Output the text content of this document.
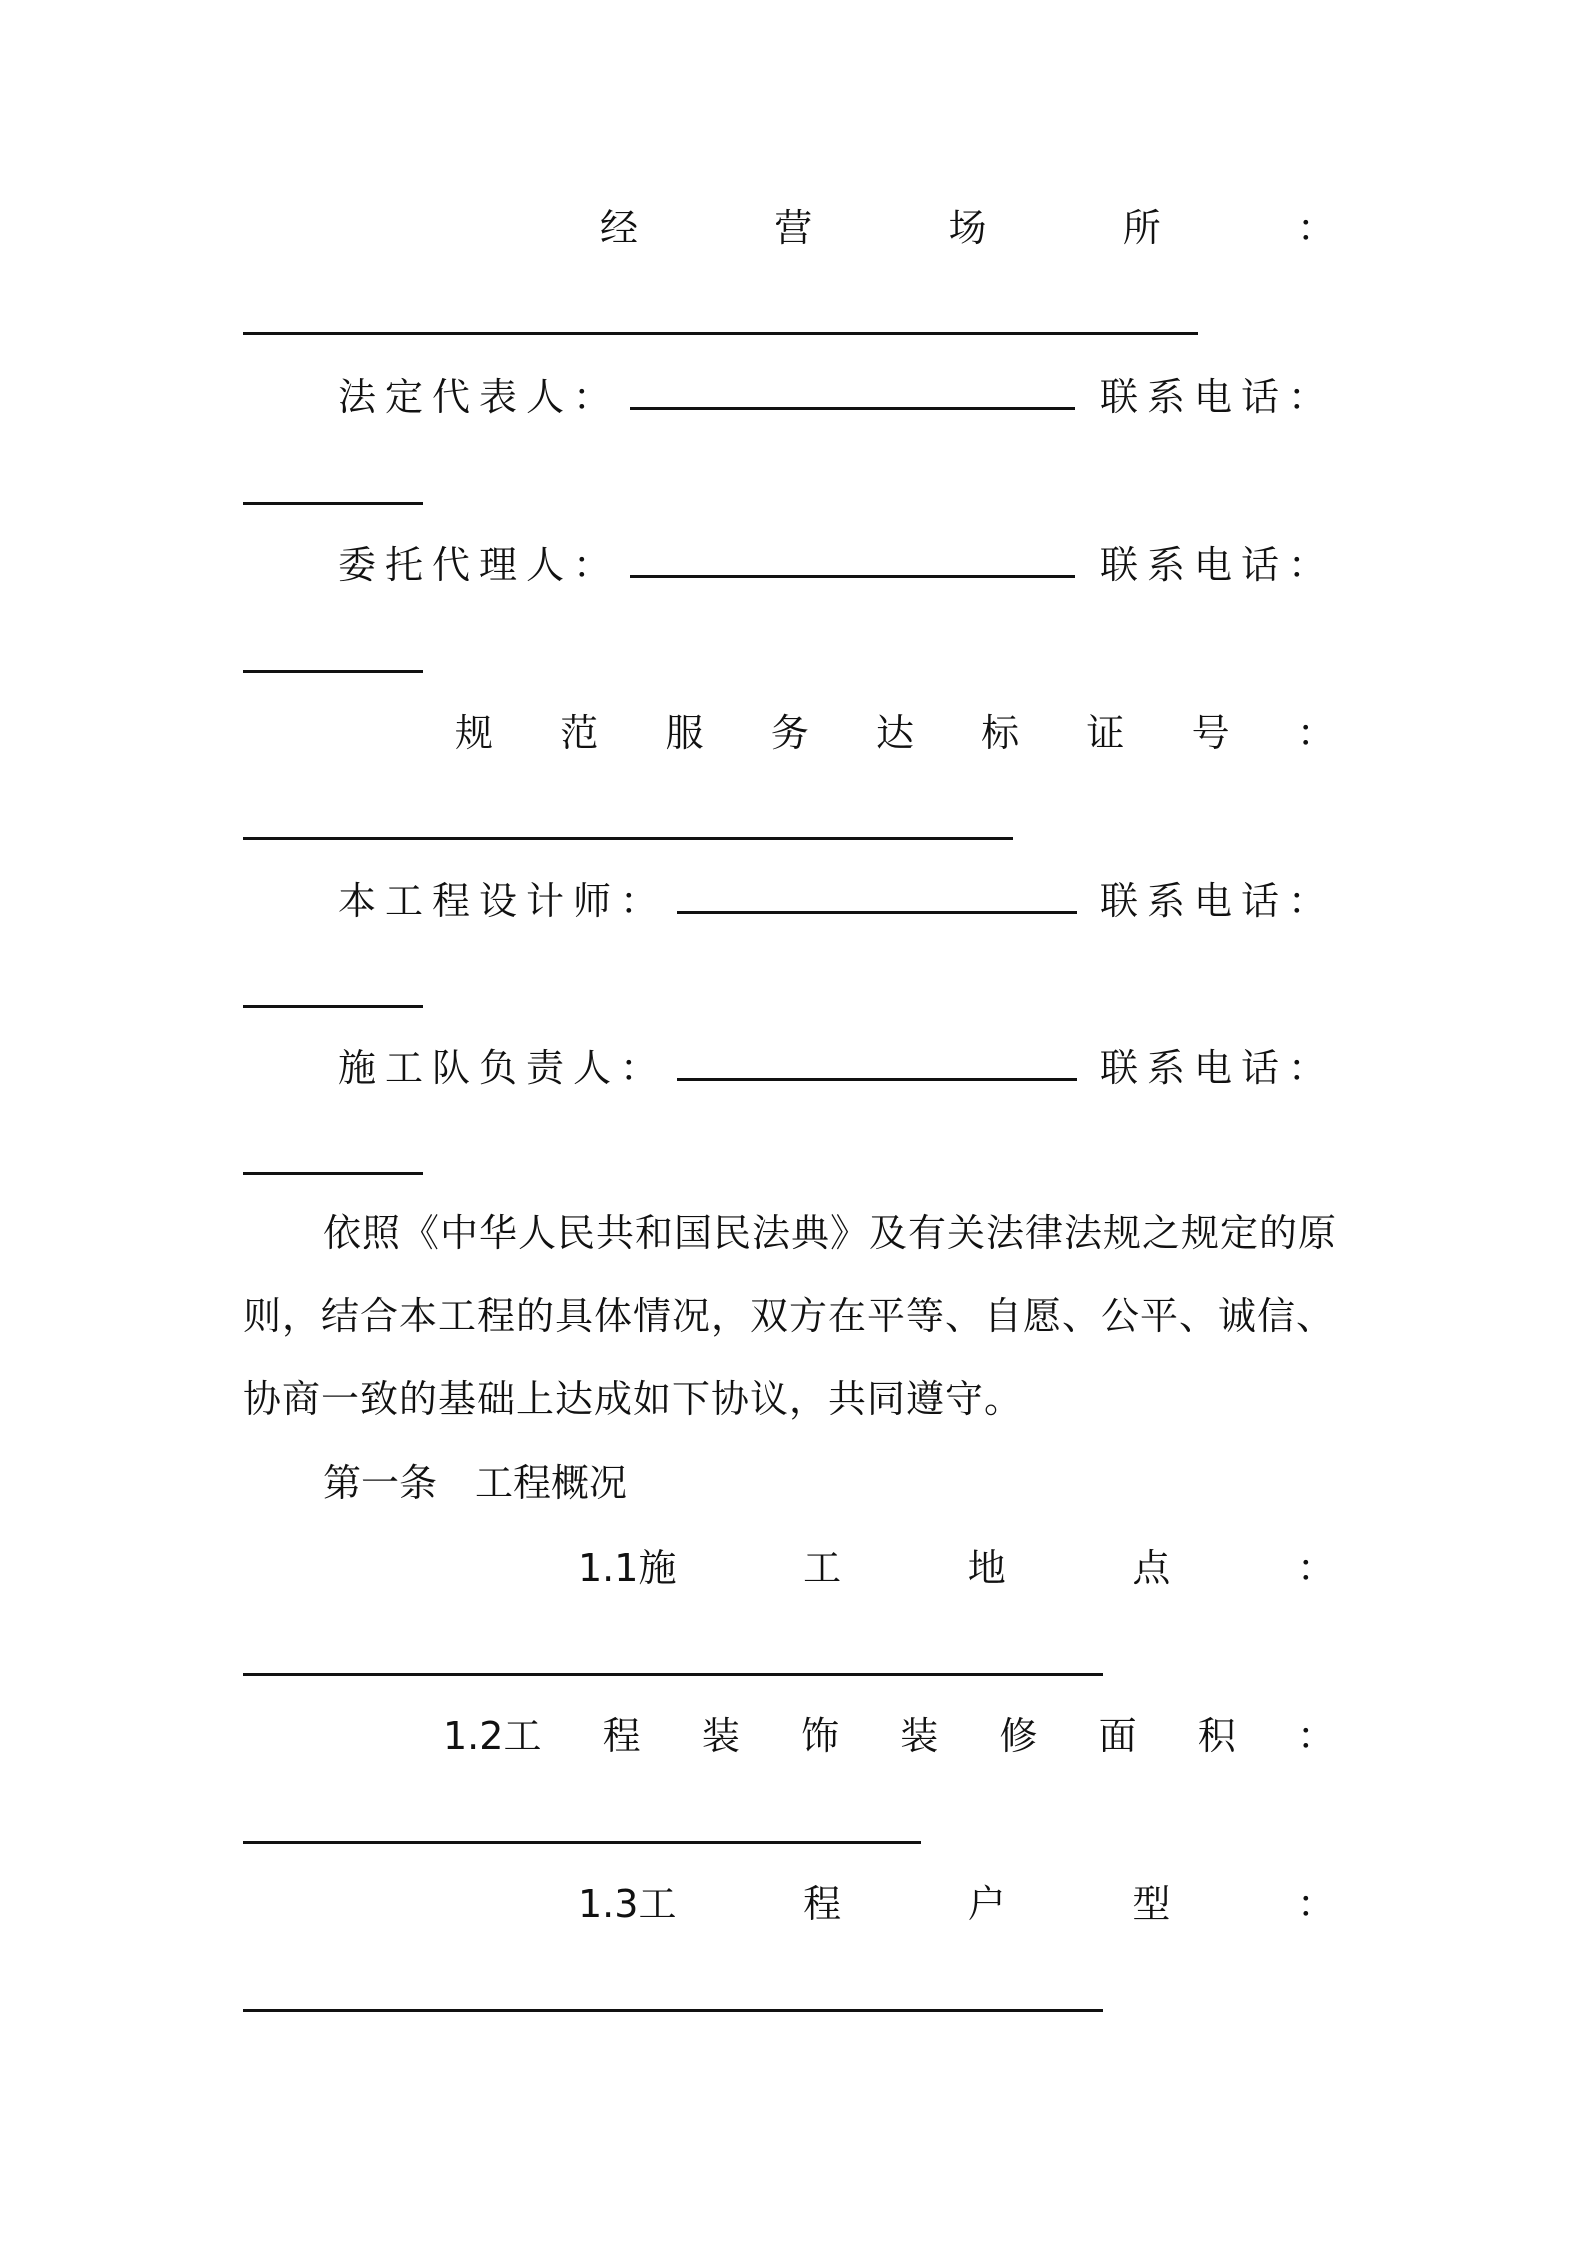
经	营	场	所	：
法定代表人：	联系电话：
委托代理人：	联系电话：
规 范 服 务 达 标 证 号 ：
本工程设计师：	联系电话：
施工队负责人：	联系电话：
依照《中华人民共和国民法典》及有关法律法规之规定的原则，结合本工程的具体情况，双方在平等、自愿、公平、诚信、协商一致的基础上达成如下协议，共同遵守。
第一条　工程概况
1.1施	工	地	点	：
1.2工 程 装 饰 装 修 面 积 ：
1.3工	程	户	型	：
